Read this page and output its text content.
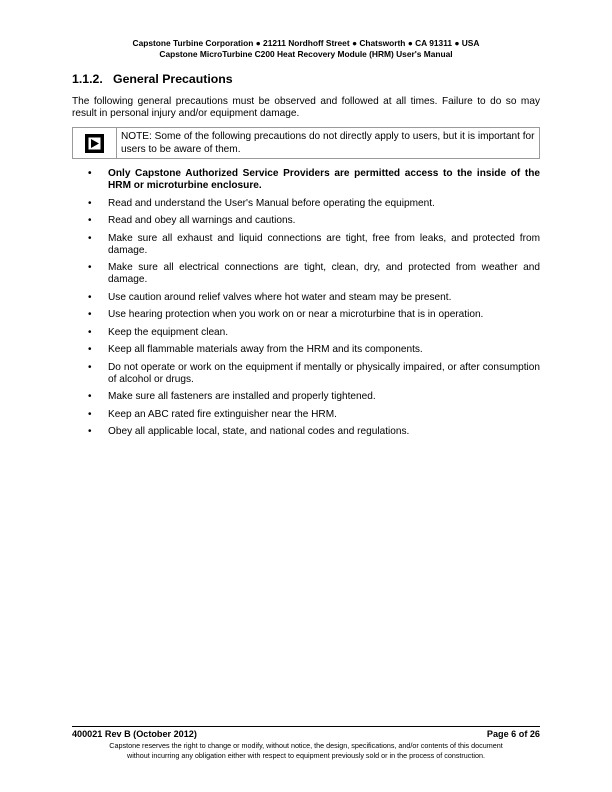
Capstone Turbine Corporation ● 21211 Nordhoff Street ● Chatsworth ● CA 91311 ● USA
Capstone MicroTurbine C200 Heat Recovery Module (HRM) User's Manual
1.1.2. General Precautions
The following general precautions must be observed and followed at all times. Failure to do so may result in personal injury and/or equipment damage.
NOTE: Some of the following precautions do not directly apply to users, but it is important for users to be aware of them.
• Only Capstone Authorized Service Providers are permitted access to the inside of the HRM or microturbine enclosure.
• Read and understand the User's Manual before operating the equipment.
• Read and obey all warnings and cautions.
• Make sure all exhaust and liquid connections are tight, free from leaks, and protected from damage.
• Make sure all electrical connections are tight, clean, dry, and protected from weather and damage.
• Use caution around relief valves where hot water and steam may be present.
• Use hearing protection when you work on or near a microturbine that is in operation.
• Keep the equipment clean.
• Keep all flammable materials away from the HRM and its components.
• Do not operate or work on the equipment if mentally or physically impaired, or after consumption of alcohol or drugs.
• Make sure all fasteners are installed and properly tightened.
• Keep an ABC rated fire extinguisher near the HRM.
• Obey all applicable local, state, and national codes and regulations.
400021 Rev B (October 2012)	Page 6 of 26
Capstone reserves the right to change or modify, without notice, the design, specifications, and/or contents of this document
without incurring any obligation either with respect to equipment previously sold or in the process of construction.
